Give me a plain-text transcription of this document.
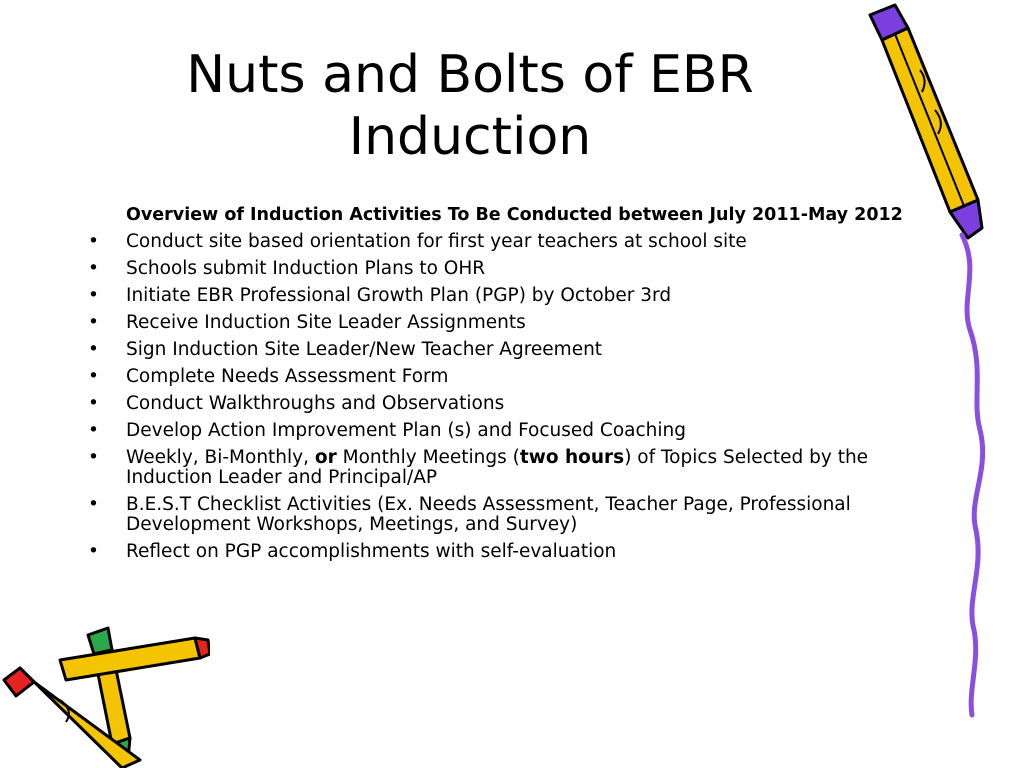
Nuts and Bolts of EBR
Induction
Overview of Induction Activities To Be Conducted between July 2011-May 2012
• Conduct site based orientation for first year teachers at school site
• Schools submit Induction Plans to OHR
• Initiate EBR Professional Growth Plan (PGP) by October 3rd
• Receive Induction Site Leader Assignments
• Sign Induction Site Leader/New Teacher Agreement
• Complete Needs Assessment Form
• Conduct Walkthroughs and Observations
• Develop Action Improvement Plan (s) and Focused Coaching
• Weekly, Bi-Monthly, or Monthly Meetings (two hours) of Topics Selected by the Induction Leader and Principal/AP
• B.E.S.T Checklist Activities (Ex. Needs Assessment, Teacher Page, Professional Development Workshops, Meetings, and Survey)
• Reflect on PGP accomplishments with self-evaluation
